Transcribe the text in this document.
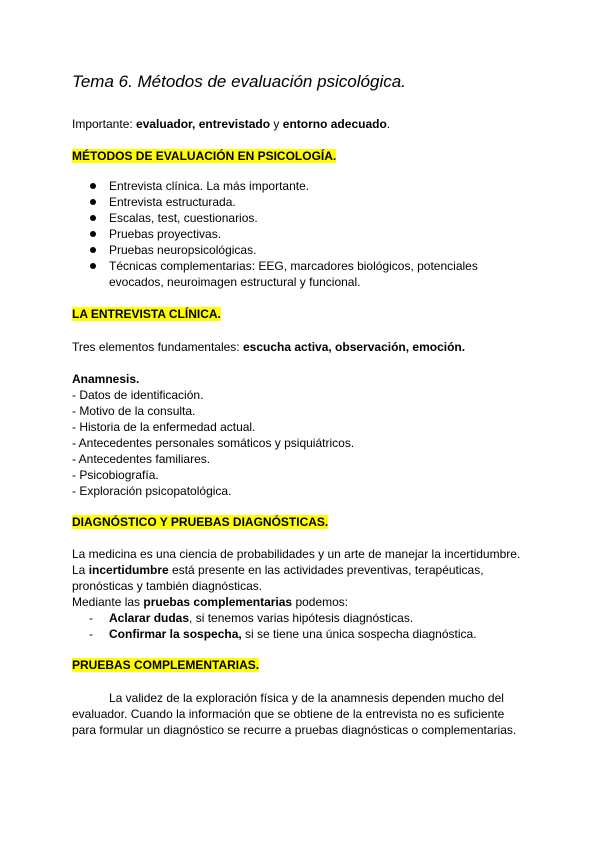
Tema 6. Métodos de evaluación psicológica.
Importante: evaluador, entrevistado y entorno adecuado.
MÉTODOS DE EVALUACIÓN EN PSICOLOGÍA.
Entrevista clínica. La más importante.
Entrevista estructurada.
Escalas, test, cuestionarios.
Pruebas proyectivas.
Pruebas neuropsicológicas.
Técnicas complementarias: EEG, marcadores biológicos, potenciales
evocados, neuroimagen estructural y funcional.
LA ENTREVISTA CLÍNICA.
Tres elementos fundamentales: escucha activa, observación, emoción.
Anamnesis.
- Datos de identificación.
- Motivo de la consulta.
- Historia de la enfermedad actual.
- Antecedentes personales somáticos y psiquiátricos.
- Antecedentes familiares.
- Psicobiografía.
- Exploración psicopatológica.
DIAGNÓSTICO Y PRUEBAS DIAGNÓSTICAS.
La medicina es una ciencia de probabilidades y un arte de manejar la incertidumbre.
La incertidumbre está presente en las actividades preventivas, terapéuticas,
pronósticas y también diagnósticas.
Mediante las pruebas complementarias podemos:
- Aclarar dudas, si tenemos varias hipótesis diagnósticas.
- Confirmar la sospecha, si se tiene una única sospecha diagnóstica.
PRUEBAS COMPLEMENTARIAS.
La validez de la exploración física y de la anamnesis dependen mucho del
evaluador. Cuando la información que se obtiene de la entrevista no es suficiente
para formular un diagnóstico se recurre a pruebas diagnósticas o complementarias.
